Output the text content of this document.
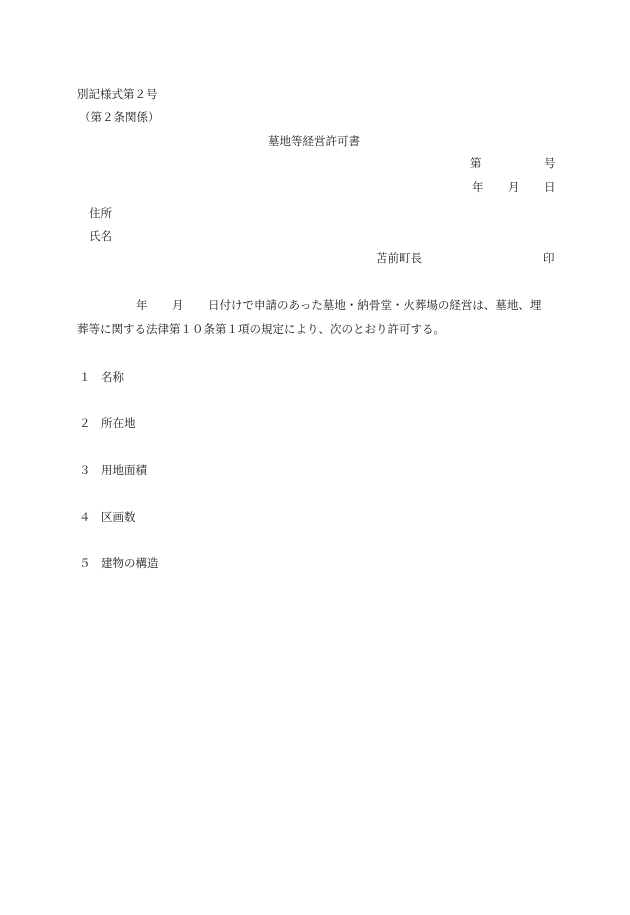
別記様式第２号
（第２条関係）
墓地等経営許可書
第	号
年 月 日
住所
氏名
苫前町長	印
年 月 日付けで申請のあった墓地・納骨堂・火葬場の経営は、墓地、埋
葬等に関する法律第１０条第１項の規定により、次のとおり許可する。
１ 名称
２ 所在地
３ 用地面積
４ 区画数
５ 建物の構造
